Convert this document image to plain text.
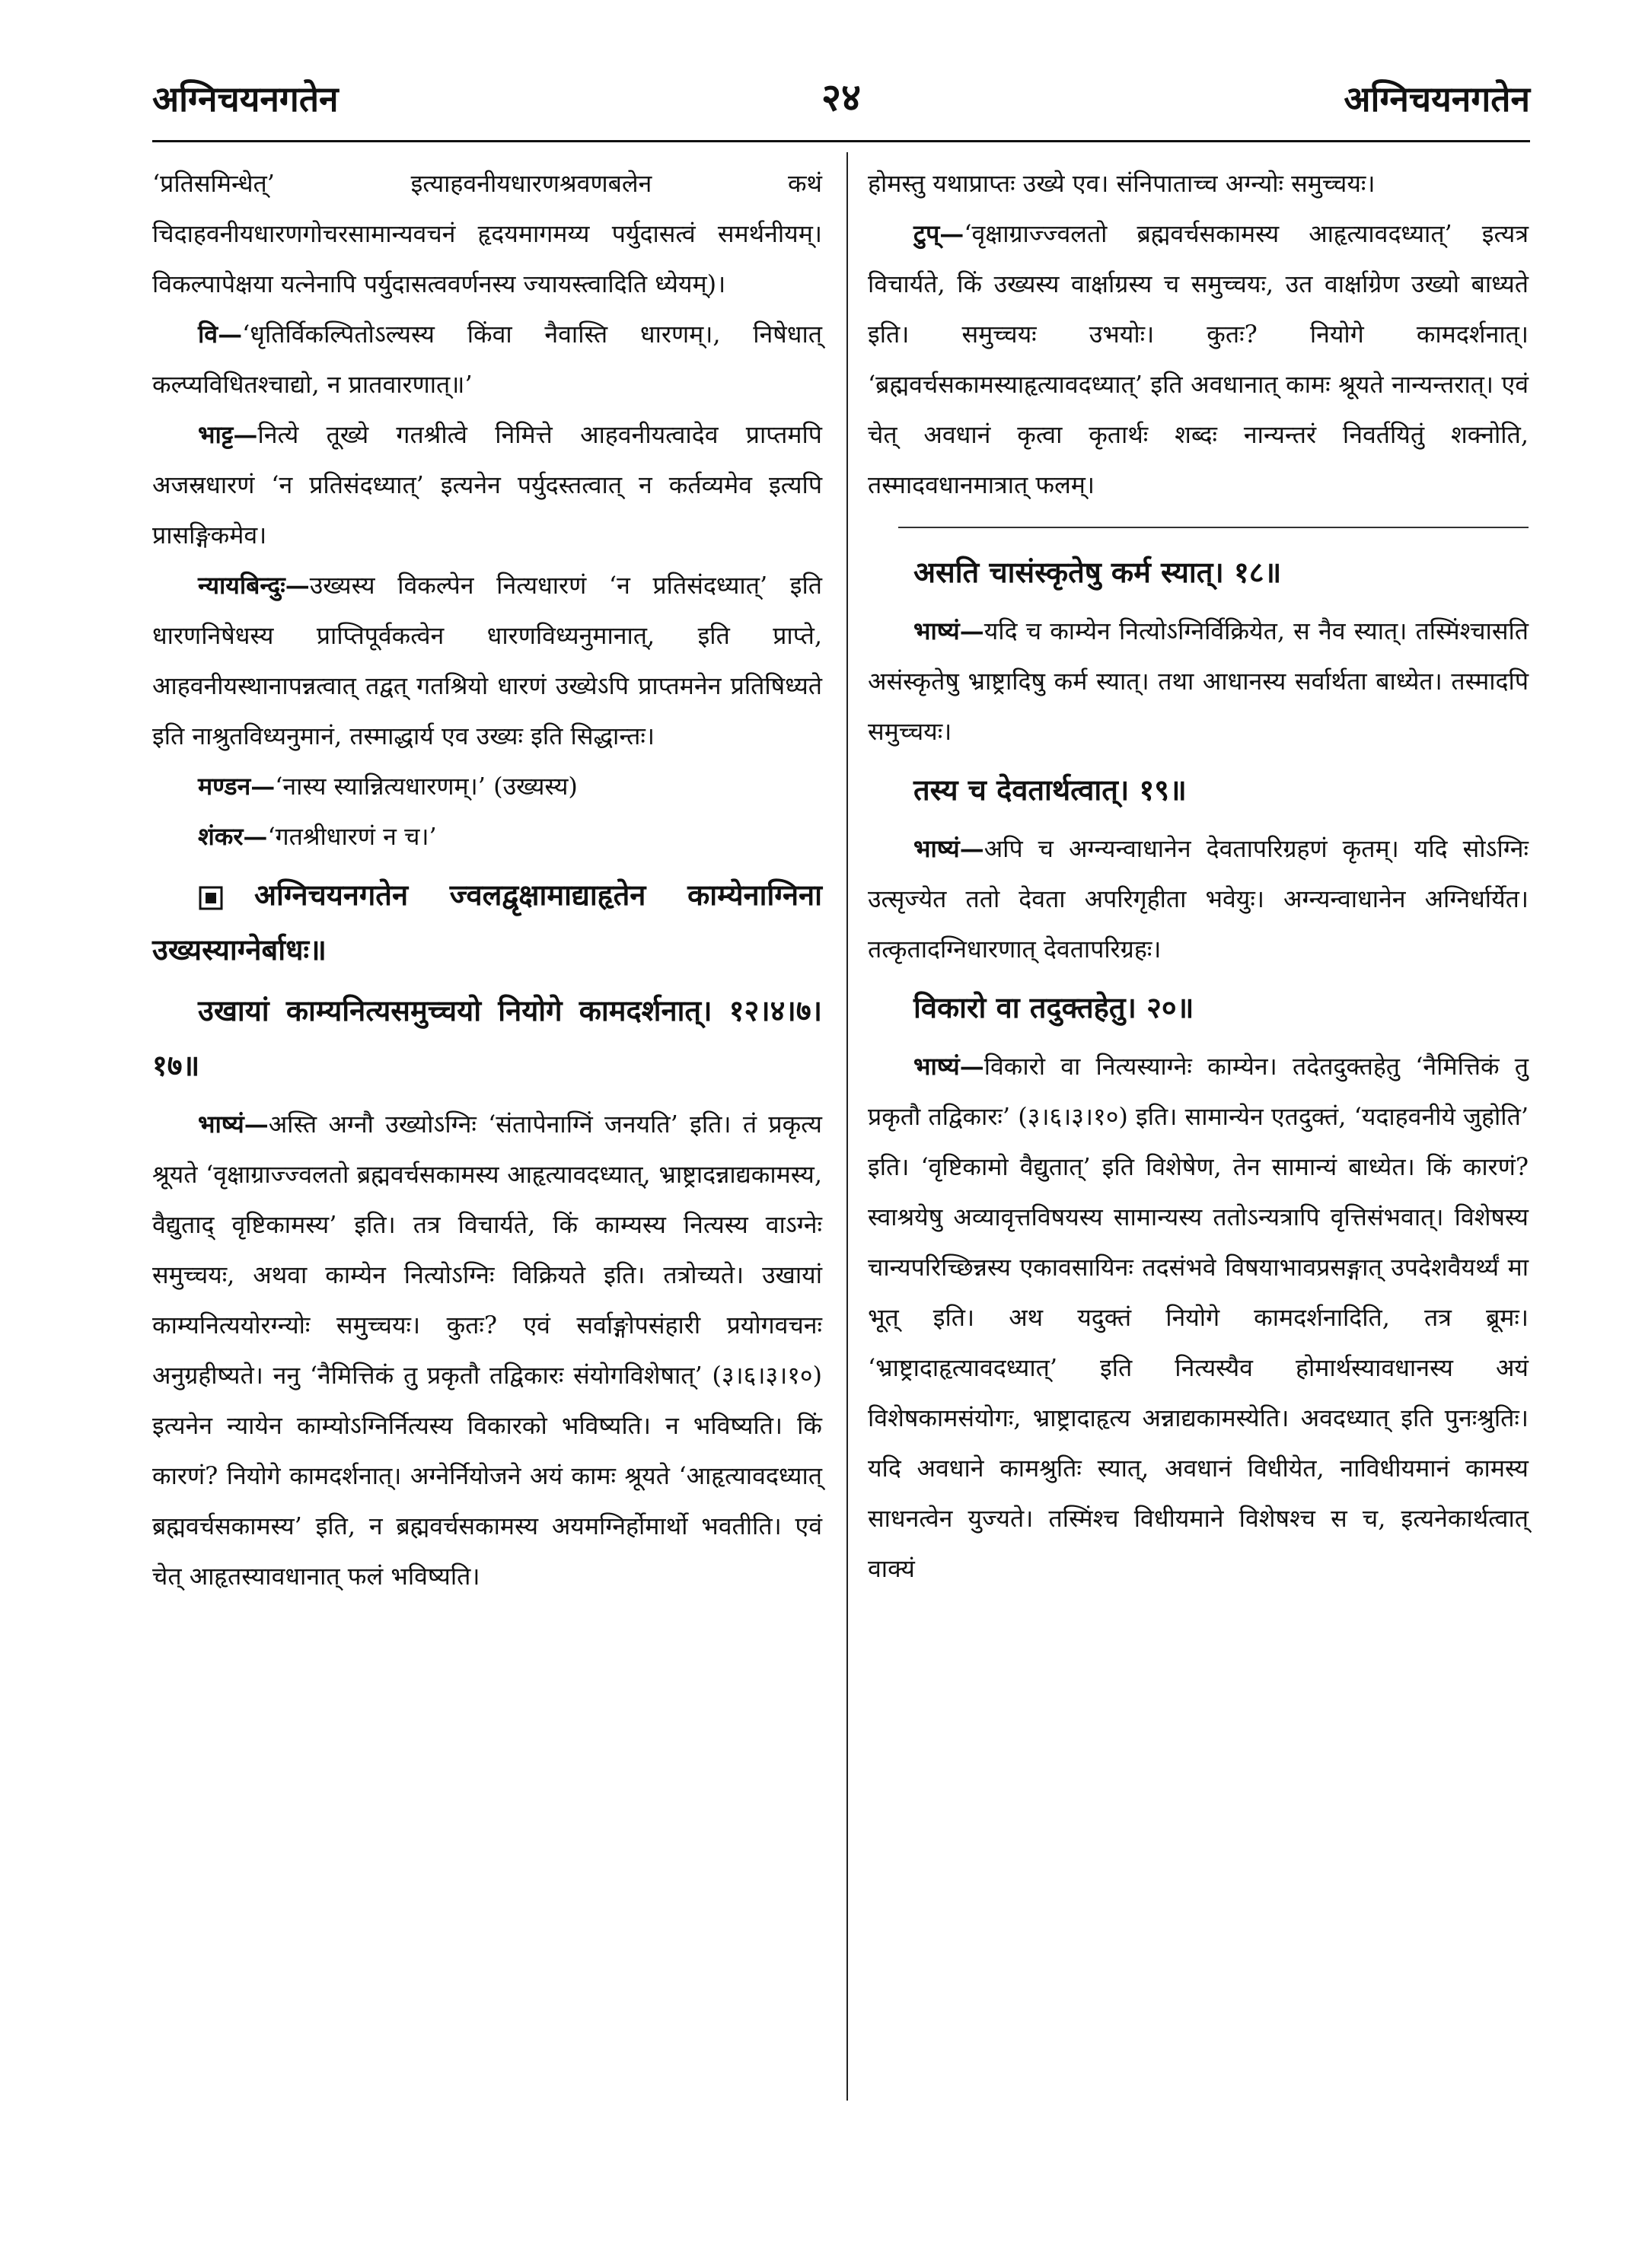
अग्निचयनगतेन	२४	अग्निचयनगतेन

‘प्रतिसमिन्धेत्’ इत्याहवनीयधारणश्रवणबलेन कथं चिदाहवनीयधारणगोचरसामान्यवचनं हृदयमागमय्य पर्युदासत्वं समर्थनीयम्। विकल्पापेक्षया यत्नेनापि पर्युदासत्ववर्णनस्य ज्यायस्त्वादिति ध्येयम्)।

वि—‘धृतिर्विकल्पितोऽल्यस्य किंवा नैवास्ति धारणम्।, निषेधात् कल्प्यविधितश्चाद्यो, न प्रातवारणात्॥’

भाट्ट—नित्ये तूख्ये गतश्रीत्वे निमित्ते आहवनीयत्वादेव प्राप्तमपि अजस्रधारणं ‘न प्रतिसंदध्यात्’ इत्यनेन पर्युदस्तत्वात् न कर्तव्यमेव इत्यपि प्रासङ्गिकमेव।

न्यायबिन्दुः—उख्यस्य विकल्पेन नित्यधारणं ‘न प्रतिसंदध्यात्’ इति धारणनिषेधस्य प्राप्तिपूर्वकत्वेन धारणविध्यनुमानात्, इति प्राप्ते, आहवनीयस्थानापन्नत्वात् तद्वत् गतश्रियो धारणं उख्येऽपि प्राप्तमनेन प्रतिषिध्यते इति नाश्रुतविध्यनुमानं, तस्माद्धार्य एव उख्यः इति सिद्धान्तः।

मण्डन—‘नास्य स्यान्नित्यधारणम्।’ (उख्यस्य)

शंकर—‘गतश्रीधारणं न च।’

अग्निचयनगतेन ज्वलद्वृक्षामाद्याहृतेन काम्येनाग्निना उख्यस्याग्नेर्बाधः॥

उखायां काम्यनित्यसमुच्चयो नियोगे कामदर्शनात्। १२।४।७।१७॥

भाष्यं—अस्ति अग्नौ उख्योऽग्निः ‘संतापेनाग्निं जनयति’ इति। तं प्रकृत्य श्रूयते ‘वृक्षाग्राज्ज्वलतो ब्रह्मवर्चसकामस्य आहृत्यावदध्यात्, भ्राष्ट्रादन्नाद्यकामस्य, वैद्युताद् वृष्टिकामस्य’ इति। तत्र विचार्यते, किं काम्यस्य नित्यस्य वाऽग्नेः समुच्चयः, अथवा काम्येन नित्योऽग्निः विक्रियते इति। तत्रोच्यते। उखायां काम्यनित्ययोरग्न्योः समुच्चयः। कुतः? एवं सर्वाङ्गोपसंहारी प्रयोगवचनः अनुग्रहीष्यते। ननु ‘नैमित्तिकं तु प्रकृतौ तद्विकारः संयोगविशेषात्’ (३।६।३।१०) इत्यनेन न्यायेन काम्योऽग्निर्नित्यस्य विकारको भविष्यति। न भविष्यति। किं कारणं? नियोगे कामदर्शनात्। अग्नेर्नियोजने अयं कामः श्रूयते ‘आहृत्यावदध्यात् ब्रह्मवर्चसकामस्य’ इति, न ब्रह्मवर्चसकामस्य अयमग्निर्होमार्थो भवतीति। एवं चेत् आहृतस्यावधानात् फलं भविष्यति।

होमस्तु यथाप्राप्तः उख्ये एव। संनिपाताच्च अग्न्योः समुच्चयः।

टुप्—‘वृक्षाग्राज्ज्वलतो ब्रह्मवर्चसकामस्य आहृत्यावदध्यात्’ इत्यत्र विचार्यते, किं उख्यस्य वार्क्षाग्रस्य च समुच्चयः, उत वार्क्षाग्रेण उख्यो बाध्यते इति। समुच्चयः उभयोः। कुतः? नियोगे कामदर्शनात्। ‘ब्रह्मवर्चसकामस्याहृत्यावदध्यात्’ इति अवधानात् कामः श्रूयते नान्यन्तरात्। एवं चेत् अवधानं कृत्वा कृतार्थः शब्दः नान्यन्तरं निवर्तयितुं शक्नोति, तस्मादवधानमात्रात् फलम्।

असति चासंस्कृतेषु कर्म स्यात्। १८॥

भाष्यं—यदि च काम्येन नित्योऽग्निर्विक्रियेत, स नैव स्यात्। तस्मिंश्चासति असंस्कृतेषु भ्राष्ट्रादिषु कर्म स्यात्। तथा आधानस्य सर्वार्थता बाध्येत। तस्मादपि समुच्चयः।

तस्य च देवतार्थत्वात्। १९॥

भाष्यं—अपि च अग्न्यन्वाधानेन देवतापरिग्रहणं कृतम्। यदि सोऽग्निः उत्सृज्येत ततो देवता अपरिगृहीता भवेयुः। अग्न्यन्वाधानेन अग्निर्धार्येत। तत्कृतादग्निधारणात् देवतापरिग्रहः।

विकारो वा तदुक्तहेतु। २०॥

भाष्यं—विकारो वा नित्यस्याग्नेः काम्येन। तदेतदुक्तहेतु ‘नैमित्तिकं तु प्रकृतौ तद्विकारः’ (३।६।३।१०) इति। सामान्येन एतदुक्तं, ‘यदाहवनीये जुहोति’ इति। ‘वृष्टिकामो वैद्युतात्’ इति विशेषेण, तेन सामान्यं बाध्येत। किं कारणं? स्वाश्रयेषु अव्यावृत्तविषयस्य सामान्यस्य ततोऽन्यत्रापि वृत्तिसंभवात्। विशेषस्य चान्यपरिच्छिन्नस्य एकावसायिनः तदसंभवे विषयाभावप्रसङ्गात् उपदेशवैयर्थ्यं मा भूत् इति। अथ यदुक्तं नियोगे कामदर्शनादिति, तत्र ब्रूमः। ‘भ्राष्ट्रादाहृत्यावदध्यात्’ इति नित्यस्यैव होमार्थस्यावधानस्य अयं विशेषकामसंयोगः, भ्राष्ट्रादाहृत्य अन्नाद्यकामस्येति। अवदध्यात् इति पुनःश्रुतिः। यदि अवधाने कामश्रुतिः स्यात्, अवधानं विधीयेत, नाविधीयमानं कामस्य साधनत्वेन युज्यते। तस्मिंश्च विधीयमाने विशेषश्च स च, इत्यनेकार्थत्वात् वाक्यं
